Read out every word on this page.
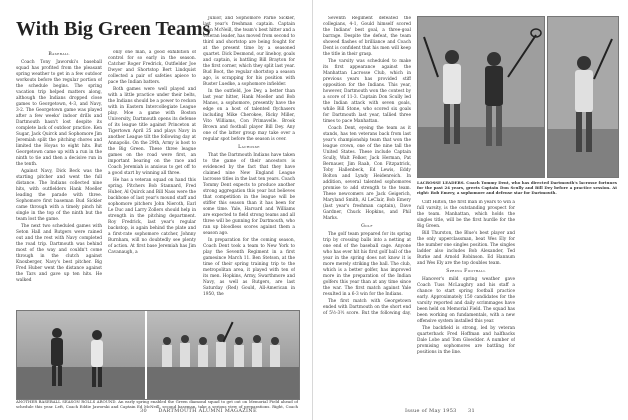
With Big Green Teams
Baseball

Coach Tony Jaworski's baseball squad has profited from the pleasant spring weather to get in a few outdoor workouts before the regular portion of the schedule begins. The spring vacation trip helped matters along, although the Indians dropped close games to Georgetown, 4-3, and Navy, 3-2. The Georgetown game was played after a few weeks' indoor drills and Dartmouth hasn't lost despite its complete lack of outdoor practice. Ken Sugar, Jack Quirck and Sophomore Jim Jeremiah split the pitching chores and limited the Hoyas to eight hits. But Georgetown came up with a run in the ninth to tie and then a decisive run in the tenth.

Against Navy, Dick Beck was the starting pitcher and went the full distance. The Indians collected nine hits, with outfielders Hank Moeller leading the parade with three. Sophomore first baseman Bud Sickler came through with a timely pinch hit single in the top of the ninth but the team lost the game.

The next two scheduled games with Seton Hall and Rutgers were rained out and the rest with Navy completed the road trip. Dartmouth was behind most of the way and couldn't come through in the clutch against Knoxberger, Navy's best pitcher. Big Fred Huber went the distance against the Tars and gave up ten hits. He walked

only one man, a good exhibition of control for so early in the season. Catcher Roger Fredrick, Outfielder Joe Dwyer and Shortstop Bert Lindquist collected a pair of safeties apiece to pace the Indian batters.

Both games were well played and with a little practice under their belts, the Indians should be a power to reckon with in Eastern Intercollegiate League play. Moe a game with Boston University, Dartmouth opens its defense of its league title against Princeton at Tigertown April 25 and plays Navy in another League tilt the following day at Annapolis. On the 29th, Army is host to the Big Green. These three league games on the road were first, an important bearing on the race and Coach Jeremiah is anxious to get off to a good start by winning all three.

He has a veteran squad on hand this spring. Pitchers Bob Stannard, Fred Huber, Al Quirck and Bill Nass were the backbone of last year's mound staff and sophomore pitchers John Nieroth, Earl Le Duc and Larry Zollers should help in strength in the pitching department. Roy Fredrick, last year's regular backstop, is again behind the plate and a first-rate sophomore catcher, Johnny Burnham, will no doubtedly see plenty of action. At first base Jeremiah has Jim Cavanaugh, a

Junior, and Sophomore Parke Sickler, last year's freshman captain. Captain John McNeill, the team's best hitter and a veteran leader, has moved from second to third and shortstop are being fought for at the present time by a seasoned quartet. Dick Desmond, our lineboy, goals and captain, is battling Bill Brayton for the first corner, which they split last year. Bud Boot, the regular shortstop a season ago, is scrapping for his position with Buster Luedke, a sophomore infielder.

In the outfield, Joe Dey, a better than last year hitter, Hank Moeller and Bob Manos, a sophomore, presently have the edge on a host of talented flychasers including Mike Cherokee, Ricky Miller, Vito Williams, Con Primavelle. Brook Brown and football player Bill Dey. Any one of the latter group may take over a regular spot before the season is over.

Lacrosse

That the Dartmouth Indians have taken to the game of their ancestors is evidenced by the fact that they have claimed nine New England League lacrosse titles in the last ten years. Coach Tommy Dent expects to produce another strong aggregation this year but believes that competition in the league will be stiffer this season than it has been for some time. Yale, Harvard and Williams are expected to field strong teams and all three will be gunning for Dartmouth, who ran up bloodless scores against them a season ago.

In preparation for the coming season, Coach Dent took a team to New York to play the Seventh Regiment in a first gamesince March 11. Ben Stetson, at the time of their spring training trip to the metropolitan area, it played with ten of its men. Hopkins, Army, Swarthmore and Navy, as well as Rutgers, are last Saturday (Red) Gould, All-American in 1950, the

ANOTHER BASEBALL SEASON ROLLS AROUND. An early spring enabled the Green diamond squad to get out on Memorial Field ahead of schedule this year. Left, Coach Eddie Jaworski and Captain Ed McNeill, second baseman, take a serious view of preparations. Right, Coach
30 DARTMOUTH ALUMNI MAGAZINE

Seventh Regiment defeated the collegians, 4-1, Gould himself scored the Indians' best goal, a three-goal barrage. Despite the defeat, the team showed flashes of brilliance and Coach Dent is confident that his men will keep the title in their grasp.

The varsity was scheduled to make its first appearance against the Manhattan Lacrosse Club, which in previous years has provided stiff opposition for the Indians. This year, however, Dartmouth won the contest by a score of 11-3. Captain Don Scully led the Indian attack with seven goals, while Bill Stone, who scored six goals for Dartmouth last year, tallied three times to pace Manhattan.

Coach Dent, eyeing the team as it stands, has ten veterans back from last year's championship team that won the league crown, one of the nine tall the United States. These include Captain Scully, Walt Felker, Jack Herman, Pat Bernauer, Jim Raab, Con Fitzpatrick, Toby Hallenbeck, Ed Lewis, Eddy Bolton and Lyndy Heidenreich. In addition, several talented sophomores promise to add strength to the team. These newcomers are Jack Geigerich, Maryland Smith, Al LeClair, Bob Emery (last year's freshman captain), Dave Gardner, Chuck Hopkins, and Phil Marks.

Golf

The golf team prepared for its spring trip by crossing balls into a netting at one end of the baseball cage. Anyone who has ever hit his first golf ball of the year in the spring does not know it is more merely striking the ball. The club, which is a better golfer, has improved more in the preparation of the Indian golfers this year than at any time since the war. The first match against Yale resulted in a 6-3 win for the Indians.

The first match with Georgetown ended with Dartmouth on the short end of 5½-3½ score. But the following day,

LACROSSE LEADERS. Coach Tommy Dent, who has directed Dartmouth's lacrosse fortunes for the past 24 years, greets Captain Don Scully and Bill Dey before a practice session. At right: Bob Emery, a sophomore and defense star for Dartmouth.

Cliff Hilton, the first man in years to win a full varsity, is the outstanding prospect for the team. Manhattan, which holds the singles title, will be the first hurdle for the Big Green.

Bill Thurston, the Blue's best player and the only upperclassman, beat Wes Ely for the number one singles position. The singles ladder also includes Bob Alexander, Ted Burke and Arnold Robinson. Ed Hannum and Wes Ely are the top doubles team.

Spring Football

Hanover's mild spring weather gave Coach Tuss McLaughry and his staff a chance to start spring football practice early. Approximately 150 candidates for the varsity reported and daily scrimmages have been held on Memorial Field. The squad has been working on fundamentals, with a new offensive system installed this year.

The backfield is strong, led by veteran quarterback Fred Hoffman and halfbacks Dale Lobe and Tom Gloeckler. A number of promising sophomores are battling for positions in the line.

Issue of May 1953 31
